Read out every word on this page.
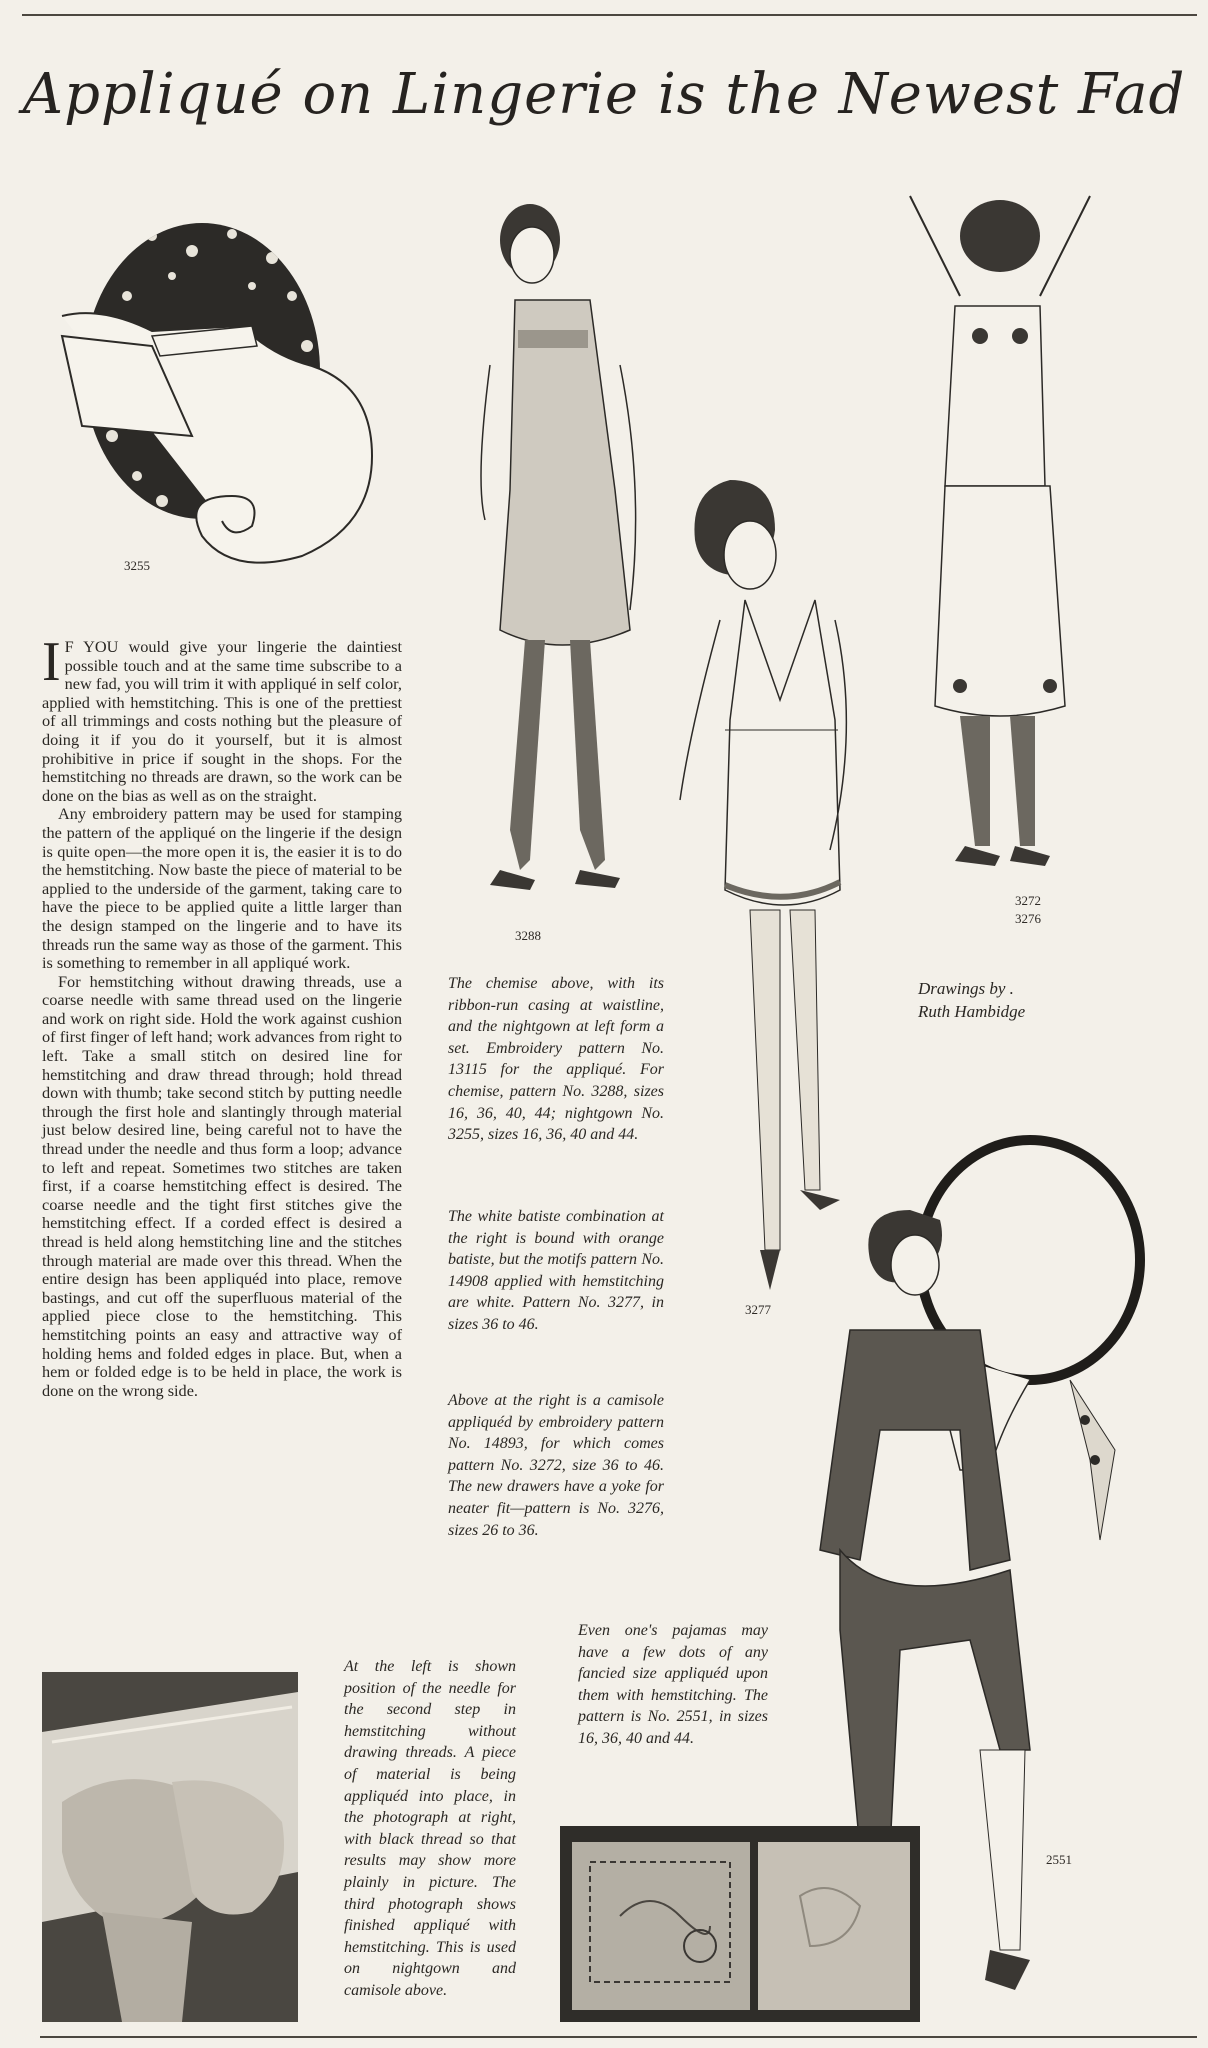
Appliqué on Lingerie is the Newest Fad
3255
3288
3277
3272
3276
Drawings by .
Ruth Hambidge
2551

I F YOU would give your lingerie the daintiest possible touch and at the same time subscribe to a new fad, you will trim it with appliqué in self color, applied with hemstitching. This is one of the prettiest of all trimmings and costs nothing but the pleasure of doing it if you do it yourself, but it is almost prohibitive in price if sought in the shops. For the hemstitching no threads are drawn, so the work can be done on the bias as well as on the straight.

Any embroidery pattern may be used for stamping the pattern of the appliqué on the lingerie if the design is quite open—the more open it is, the easier it is to do the hemstitching. Now baste the piece of material to be applied to the underside of the garment, taking care to have the piece to be applied quite a little larger than the design stamped on the lingerie and to have its threads run the same way as those of the garment. This is something to remember in all appliqué work.

For hemstitching without drawing threads, use a coarse needle with same thread used on the lingerie and work on right side. Hold the work against cushion of first finger of left hand; work advances from right to left. Take a small stitch on desired line for hemstitching and draw thread through; hold thread down with thumb; take second stitch by putting needle through the first hole and slantingly through material just below desired line, being careful not to have the thread under the needle and thus form a loop; advance to left and repeat. Sometimes two stitches are taken first, if a coarse hemstitching effect is desired. The coarse needle and the tight first stitches give the hemstitching effect. If a corded effect is desired a thread is held along hemstitching line and the stitches through material are made over this thread. When the entire design has been appliquéd into place, remove bastings, and cut off the superfluous material of the applied piece close to the hemstitching. This hemstitching points an easy and attractive way of holding hems and folded edges in place. But, when a hem or folded edge is to be held in place, the work is done on the wrong side.

The chemise above, with its ribbon-run casing at waistline, and the nightgown at left form a set. Embroidery pattern No. 13115 for the appliqué. For chemise, pattern No. 3288, sizes 16, 36, 40, 44; nightgown No. 3255, sizes 16, 36, 40 and 44.
The white batiste combination at the right is bound with orange batiste, but the motifs pattern No. 14908 applied with hemstitching are white. Pattern No. 3277, in sizes 36 to 46.
Above at the right is a camisole appliquéd by embroidery pattern No. 14893, for which comes pattern No. 3272, size 36 to 46. The new drawers have a yoke for neater fit—pattern is No. 3276, sizes 26 to 36.
Even one's pajamas may have a few dots of any fancied size appliquéd upon them with hemstitching. The pattern is No. 2551, in sizes 16, 36, 40 and 44.
At the left is shown position of the needle for the second step in hemstitching without drawing threads. A piece of material is being appliquéd into place, in the photograph at right, with black thread so that results may show more plainly in picture. The third photograph shows finished appliqué with hemstitching. This is used on nightgown and camisole above.
